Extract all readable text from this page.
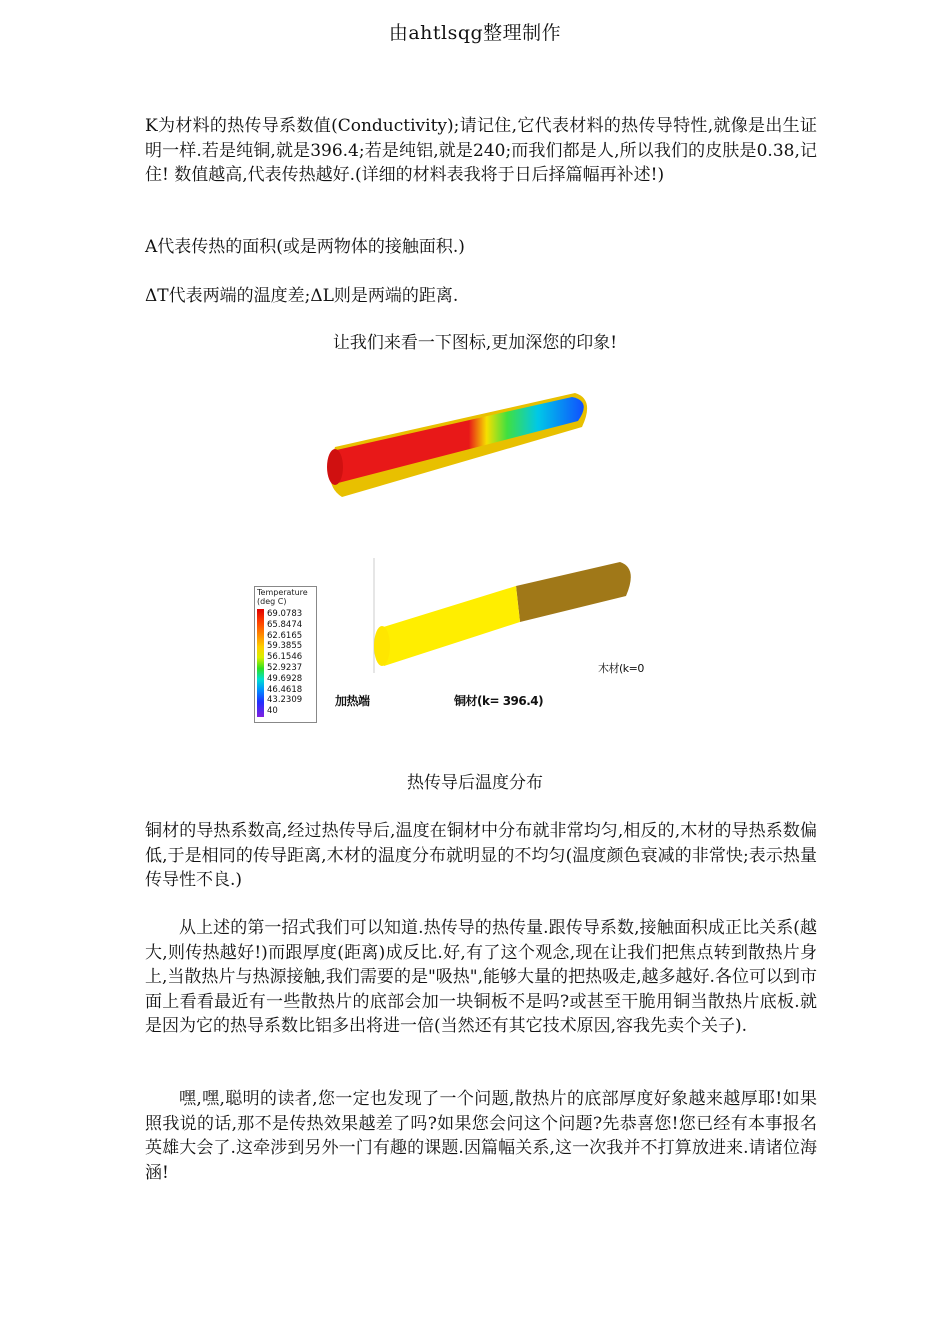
由ahtlsqg整理制作

K为材料的热传导系数值(Conductivity);请记住,它代表材料的热传导特性,就像是出生证明一样.若是纯铜,就是396.4;若是纯铝,就是240;而我们都是人,所以我们的皮肤是0.38,记住! 数值越高,代表传热越好.(详细的材料表我将于日后择篇幅再补述!)

A代表传热的面积(或是两物体的接触面积.)

ΔT代表两端的温度差;ΔL则是两端的距离.

让我们来看一下图标,更加深您的印象!
Temperature
(deg C)
69.0783
65.8474
62.6165
59.3855
56.1546
52.9237
49.6928
46.4618
43.2309
40
加热端	铜材(k= 396.4)
木材(k=0
热传导后温度分布

铜材的导热系数高,经过热传导后,温度在铜材中分布就非常均匀,相反的,木材的导热系数偏低,于是相同的传导距离,木材的温度分布就明显的不均匀(温度颜色衰减的非常快;表示热量传导性不良.)

从上述的第一招式我们可以知道.热传导的热传量.跟传导系数,接触面积成正比关系(越大,则传热越好!)而跟厚度(距离)成反比.好,有了这个观念,现在让我们把焦点转到散热片身上,当散热片与热源接触,我们需要的是"吸热",能够大量的把热吸走,越多越好.各位可以到市面上看看最近有一些散热片的底部会加一块铜板不是吗?或甚至干脆用铜当散热片底板.就是因为它的热导系数比铝多出将进一倍(当然还有其它技术原因,容我先卖个关子).

嘿,嘿,聪明的读者,您一定也发现了一个问题,散热片的底部厚度好象越来越厚耶!如果照我说的话,那不是传热效果越差了吗?如果您会问这个问题?先恭喜您!您已经有本事报名英雄大会了.这牵涉到另外一门有趣的课题.因篇幅关系,这一次我并不打算放进来.请诸位海涵!
